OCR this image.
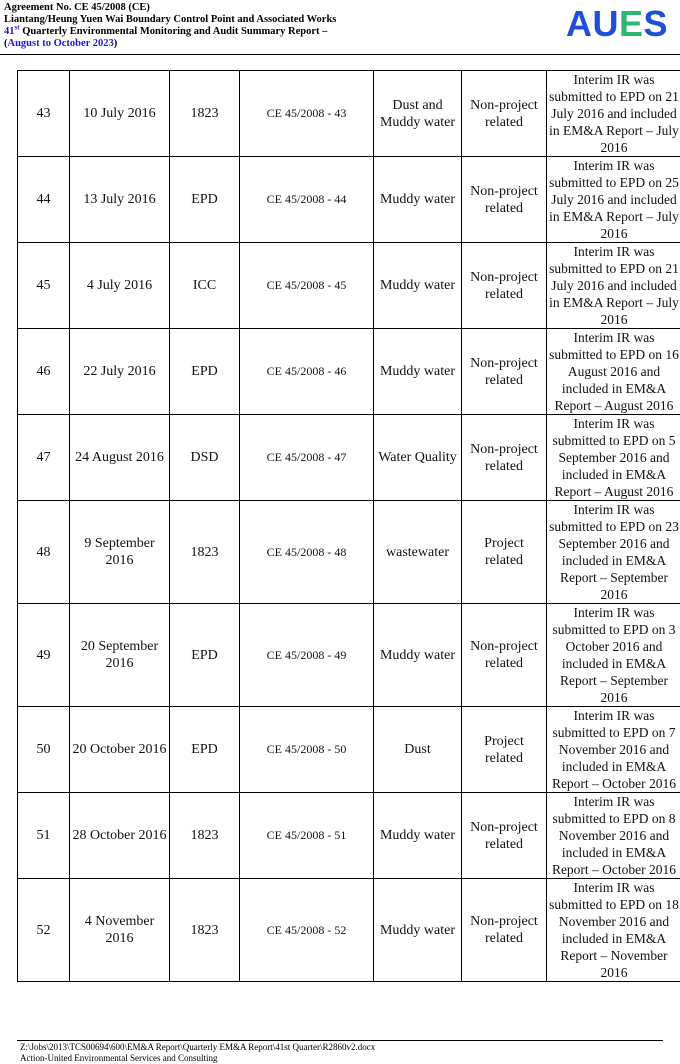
Agreement No. CE 45/2008 (CE)
Liantang/Heung Yuen Wai Boundary Control Point and Associated Works
41st Quarterly Environmental Monitoring and Audit Summary Report –
(August to October 2023)	AUES
43	10 July 2016	1823	CE 45/2008 - 43	Dust and Muddy water	Non-project related	Interim IR was submitted to EPD on 21 July 2016 and included in EM&A Report – July 2016
44	13 July 2016	EPD	CE 45/2008 - 44	Muddy water	Non-project related	Interim IR was submitted to EPD on 25 July 2016 and included in EM&A Report – July 2016
45	4 July 2016	ICC	CE 45/2008 - 45	Muddy water	Non-project related	Interim IR was submitted to EPD on 21 July 2016 and included in EM&A Report – July 2016
46	22 July 2016	EPD	CE 45/2008 - 46	Muddy water	Non-project related	Interim IR was submitted to EPD on 16 August 2016 and included in EM&A Report – August 2016
47	24 August 2016	DSD	CE 45/2008 - 47	Water Quality	Non-project related	Interim IR was submitted to EPD on 5 September 2016 and included in EM&A Report – August 2016
48	9 September 2016	1823	CE 45/2008 - 48	wastewater	Project related	Interim IR was submitted to EPD on 23 September 2016 and included in EM&A Report – September 2016
49	20 September 2016	EPD	CE 45/2008 - 49	Muddy water	Non-project related	Interim IR was submitted to EPD on 3 October 2016 and included in EM&A Report – September 2016
50	20 October 2016	EPD	CE 45/2008 - 50	Dust	Project related	Interim IR was submitted to EPD on 7 November 2016 and included in EM&A Report – October 2016
51	28 October 2016	1823	CE 45/2008 - 51	Muddy water	Non-project related	Interim IR was submitted to EPD on 8 November 2016 and included in EM&A Report – October 2016
52	4 November 2016	1823	CE 45/2008 - 52	Muddy water	Non-project related	Interim IR was submitted to EPD on 18 November 2016 and included in EM&A Report – November 2016
Z:\Jobs\2013\TCS00694\600\EM&A Report\Quarterly EM&A Report\41st Quarter\R2860v2.docx
Action-United Environmental Services and Consulting
